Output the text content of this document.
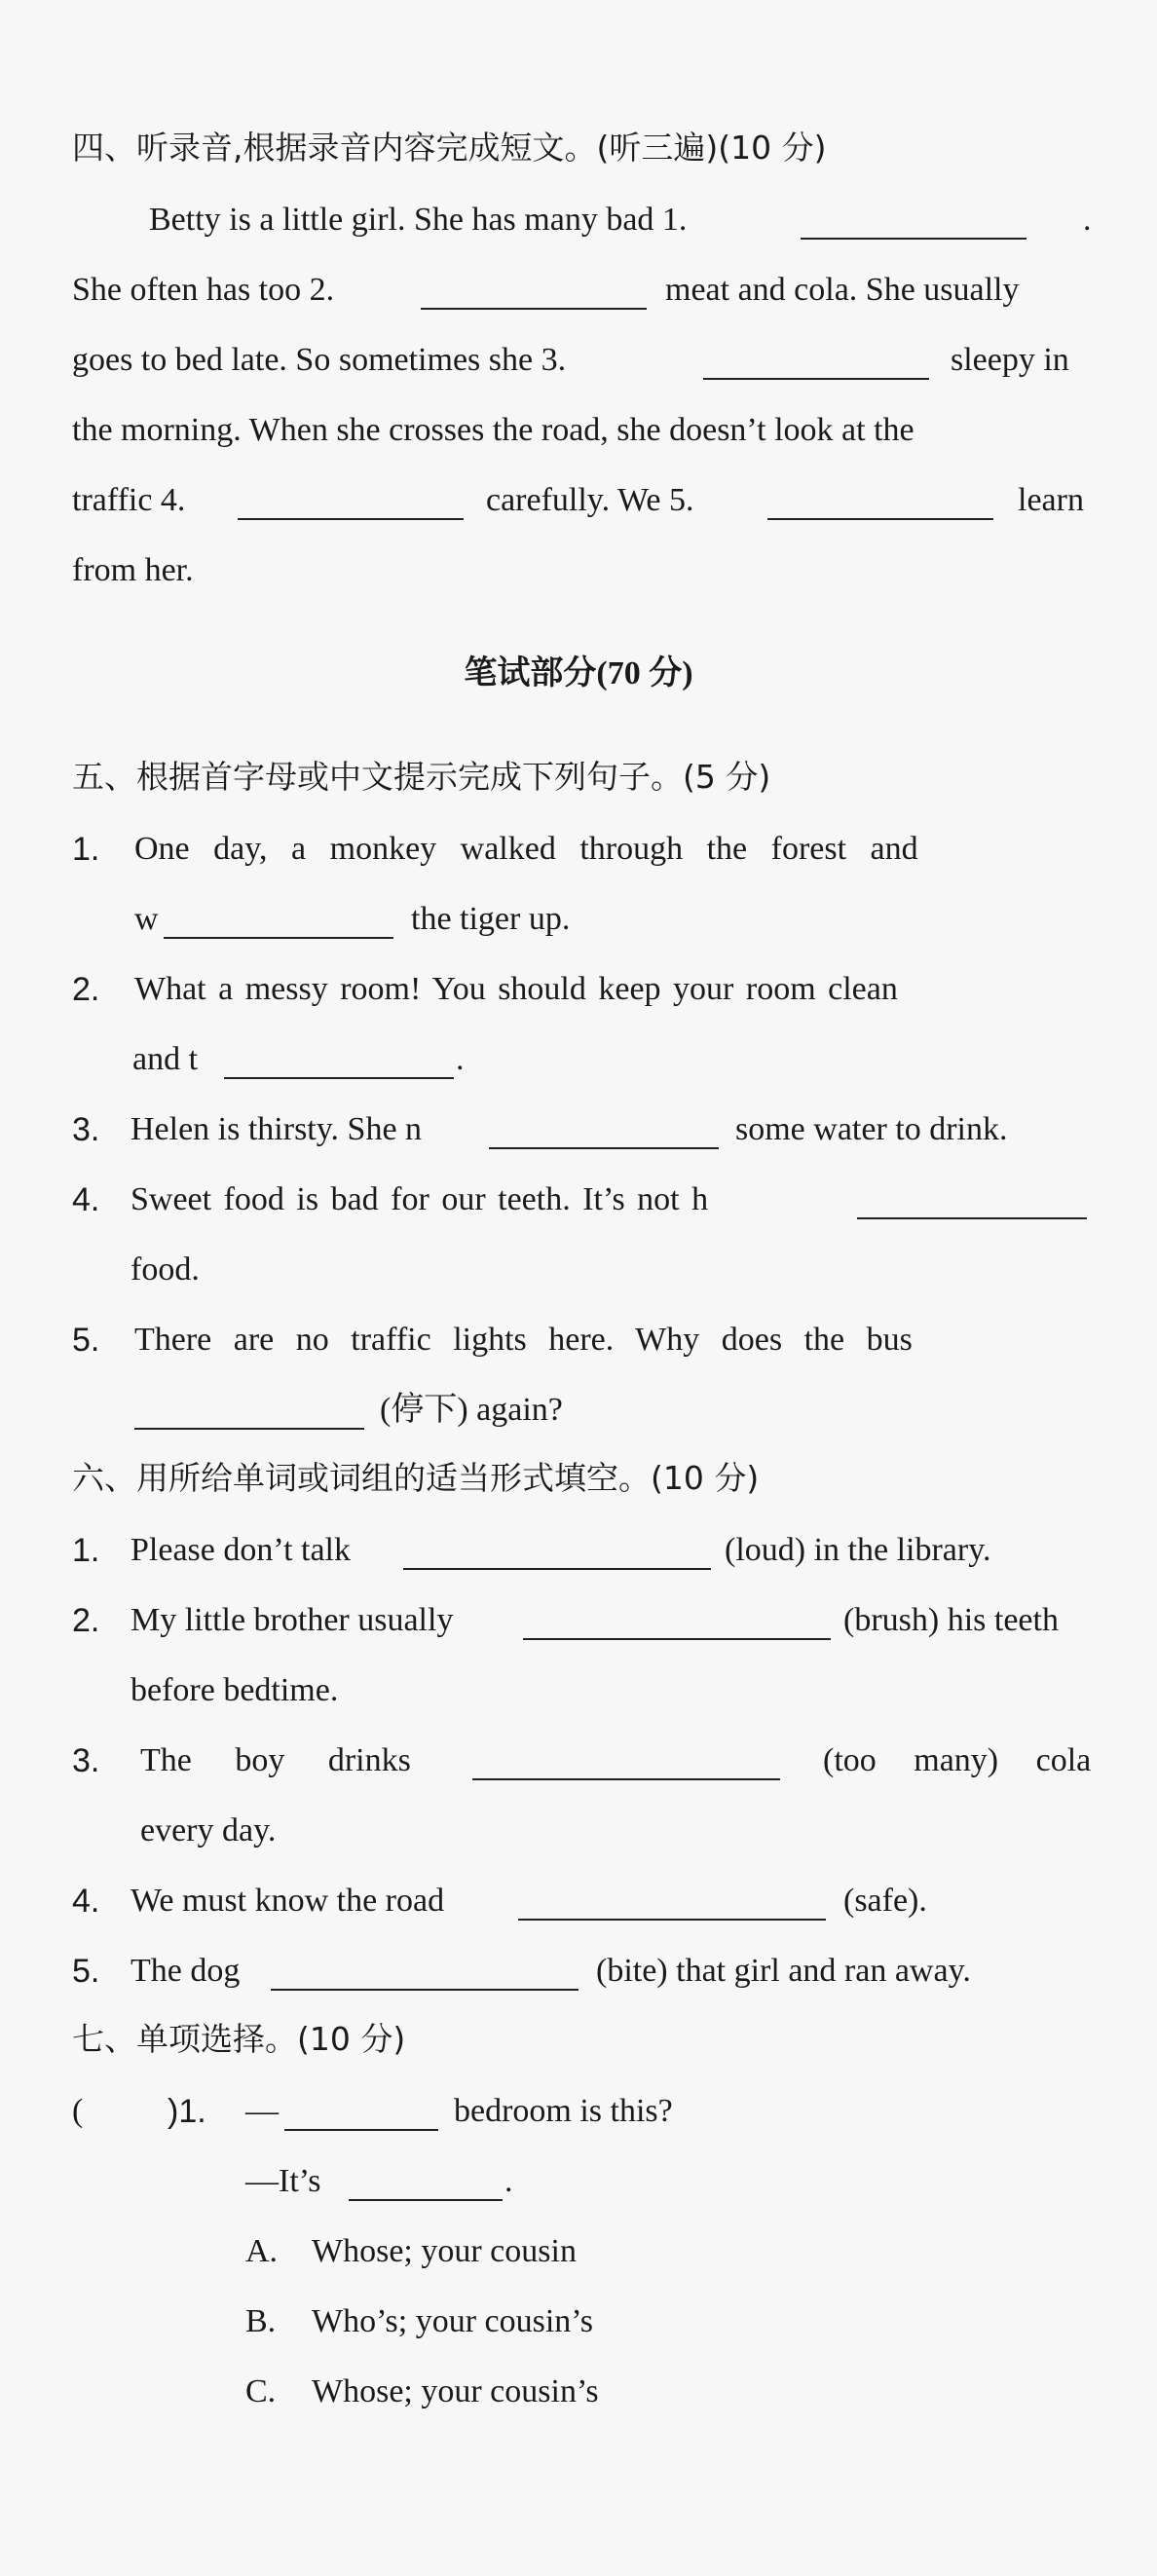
四、听录音,根据录音内容完成短文。(听三遍)(10 分)
Betty is a little girl. She has many bad 1.	.
She often has too 2.	meat and cola. She usually
goes to bed late. So sometimes she 3.	sleepy in
the morning. When she crosses the road, she doesn’t look at the
traffic 4.	carefully. We 5.	learn
from her.
笔试部分(70 分)
五、根据首字母或中文提示完成下列句子。(5 分)
1. One day, a monkey walked through the forest and
w	the tiger up.
2. What a messy room! You should keep your room clean
and t	.
3. Helen is thirsty. She n	some water to drink.
4. Sweet food is bad for our teeth. It’s not h
food.
5. There are no traffic lights here. Why does the bus
(停下) again?
六、用所给单词或词组的适当形式填空。(10 分)
1. Please don’t talk	(loud) in the library.
2. My little brother usually	(brush) his teeth
before bedtime.
3. The boy drinks	(too many) cola
every day.
4. We must know the road	(safe).
5. The dog	(bite) that girl and ran away.
七、单项选择。(10 分)
(	)1. —	bedroom is this?
—It’s	.
A. Whose; your cousin
B. Who’s; your cousin’s
C. Whose; your cousin’s
